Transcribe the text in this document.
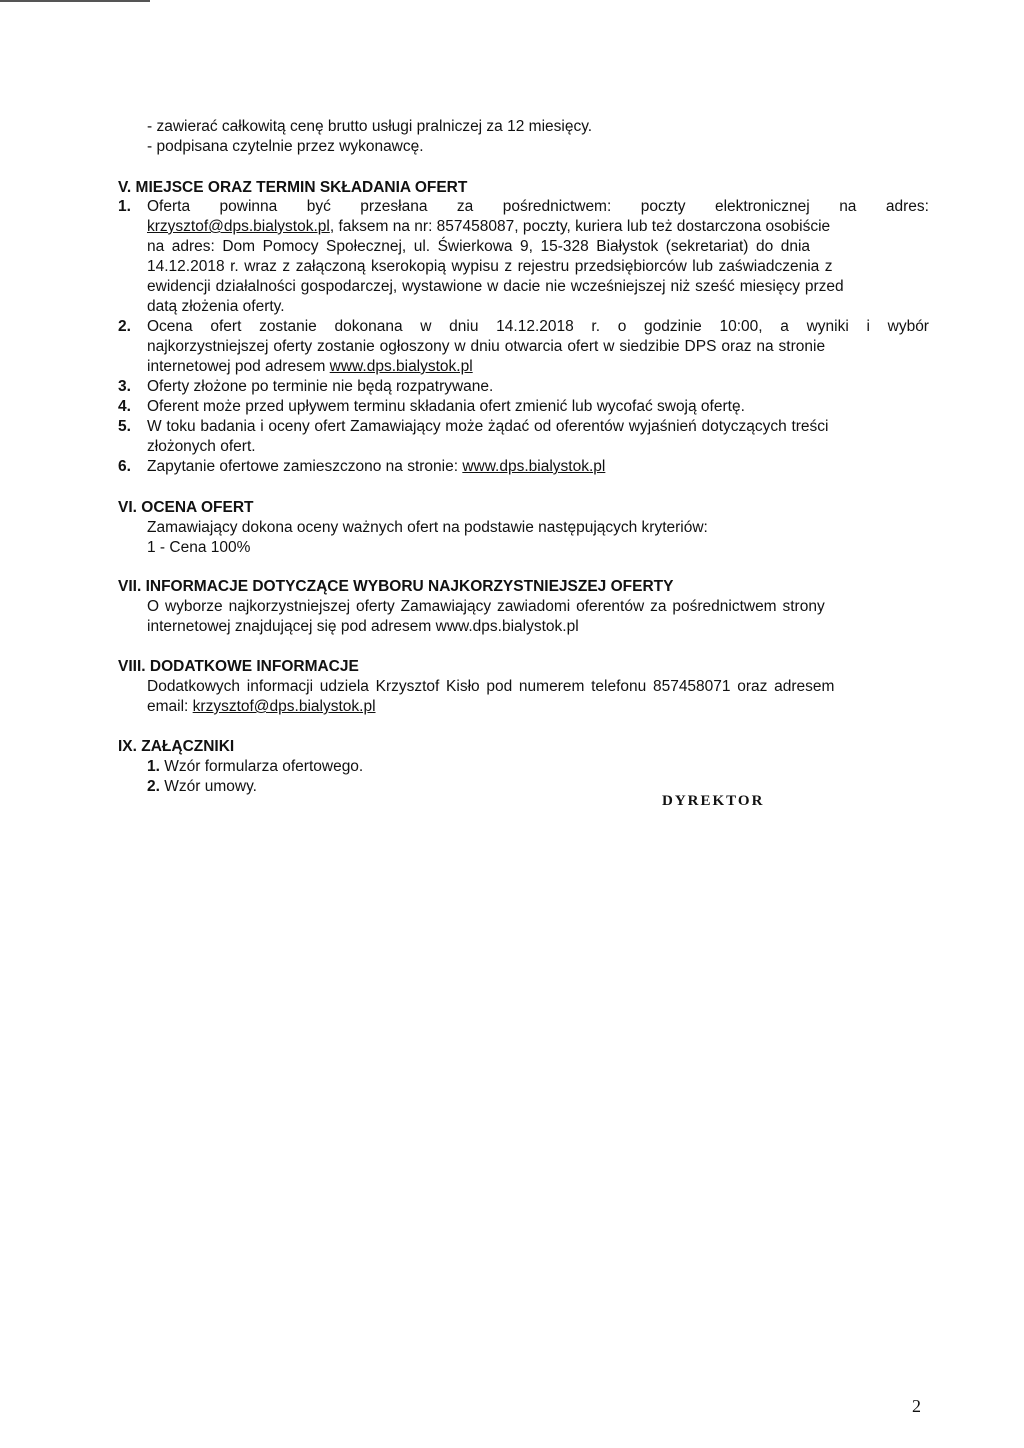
- zawierać całkowitą cenę brutto usługi pralniczej za 12 miesięcy.
- podpisana czytelnie przez wykonawcę.
V. MIEJSCE ORAZ TERMIN SKŁADANIA OFERT
1. Oferta powinna być przesłana za pośrednictwem: poczty elektronicznej na adres:
krzysztof@dps.bialystok.pl, faksem na nr: 857458087, poczty, kuriera lub też dostarczona osobiście
na adres: Dom Pomocy Społecznej, ul. Świerkowa 9, 15-328 Białystok (sekretariat) do dnia
14.12.2018 r. wraz z załączoną kserokopią wypisu z rejestru przedsiębiorców lub zaświadczenia z
ewidencji działalności gospodarczej, wystawione w dacie nie wcześniejszej niż sześć miesięcy przed
datą złożenia oferty.
2. Ocena ofert zostanie dokonana w dniu 14.12.2018 r. o godzinie 10:00, a wyniki i wybór
najkorzystniejszej oferty zostanie ogłoszony w dniu otwarcia ofert w siedzibie DPS oraz na stronie
internetowej pod adresem www.dps.bialystok.pl
3. Oferty złożone po terminie nie będą rozpatrywane.
4. Oferent może przed upływem terminu składania ofert zmienić lub wycofać swoją ofertę.
5. W toku badania i oceny ofert Zamawiający może żądać od oferentów wyjaśnień dotyczących treści
złożonych ofert.
6. Zapytanie ofertowe zamieszczono na stronie: www.dps.bialystok.pl
VI. OCENA OFERT
Zamawiający dokona oceny ważnych ofert na podstawie następujących kryteriów:
1 - Cena 100%
VII. INFORMACJE DOTYCZĄCE WYBORU NAJKORZYSTNIEJSZEJ OFERTY
O wyborze najkorzystniejszej oferty Zamawiający zawiadomi oferentów za pośrednictwem strony
internetowej znajdującej się pod adresem www.dps.bialystok.pl
VIII. DODATKOWE INFORMACJE
Dodatkowych informacji udziela Krzysztof Kisło pod numerem telefonu 857458071 oraz adresem
email: krzysztof@dps.bialystok.pl
IX. ZAŁĄCZNIKI
1. Wzór formularza ofertowego.
2. Wzór umowy.
DYREKTOR
2
